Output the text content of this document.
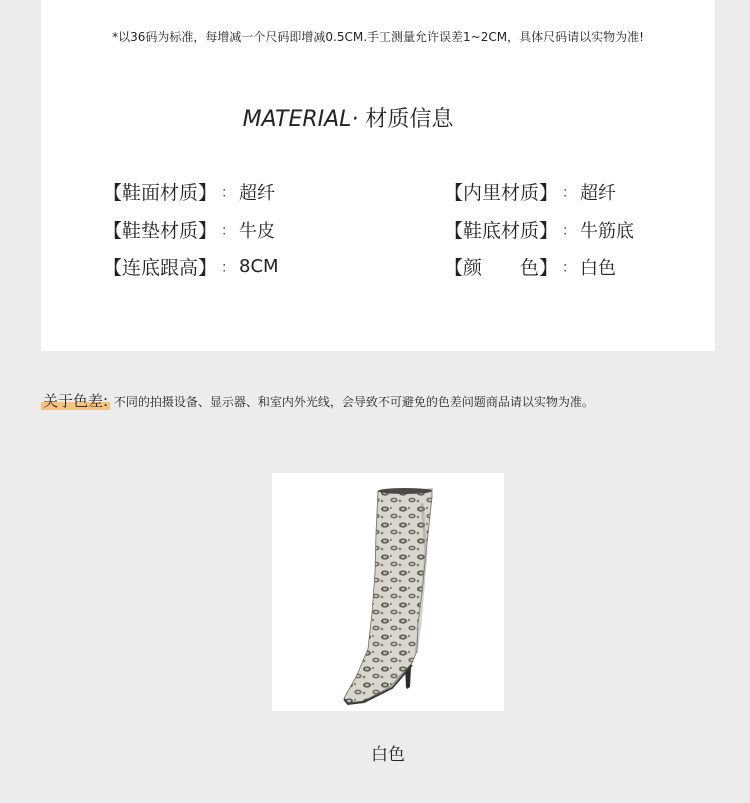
*以36码为标准，每增减一个尺码即增减0.5CM.手工测量允许误差1~2CM，具体尺码请以实物为准!
MATERIAL· 材质信息
【鞋面材质】 ： 超纤
【鞋垫材质】 ： 牛皮
【连底跟高】 ： 8CM
【内里材质】 ： 超纤
【鞋底材质】 ： 牛筋底
【颜　　色】 ： 白色
关于色差: 不同的拍摄设备、显示器、和室内外光线，会导致不可避免的色差问题商品请以实物为准。
白色
